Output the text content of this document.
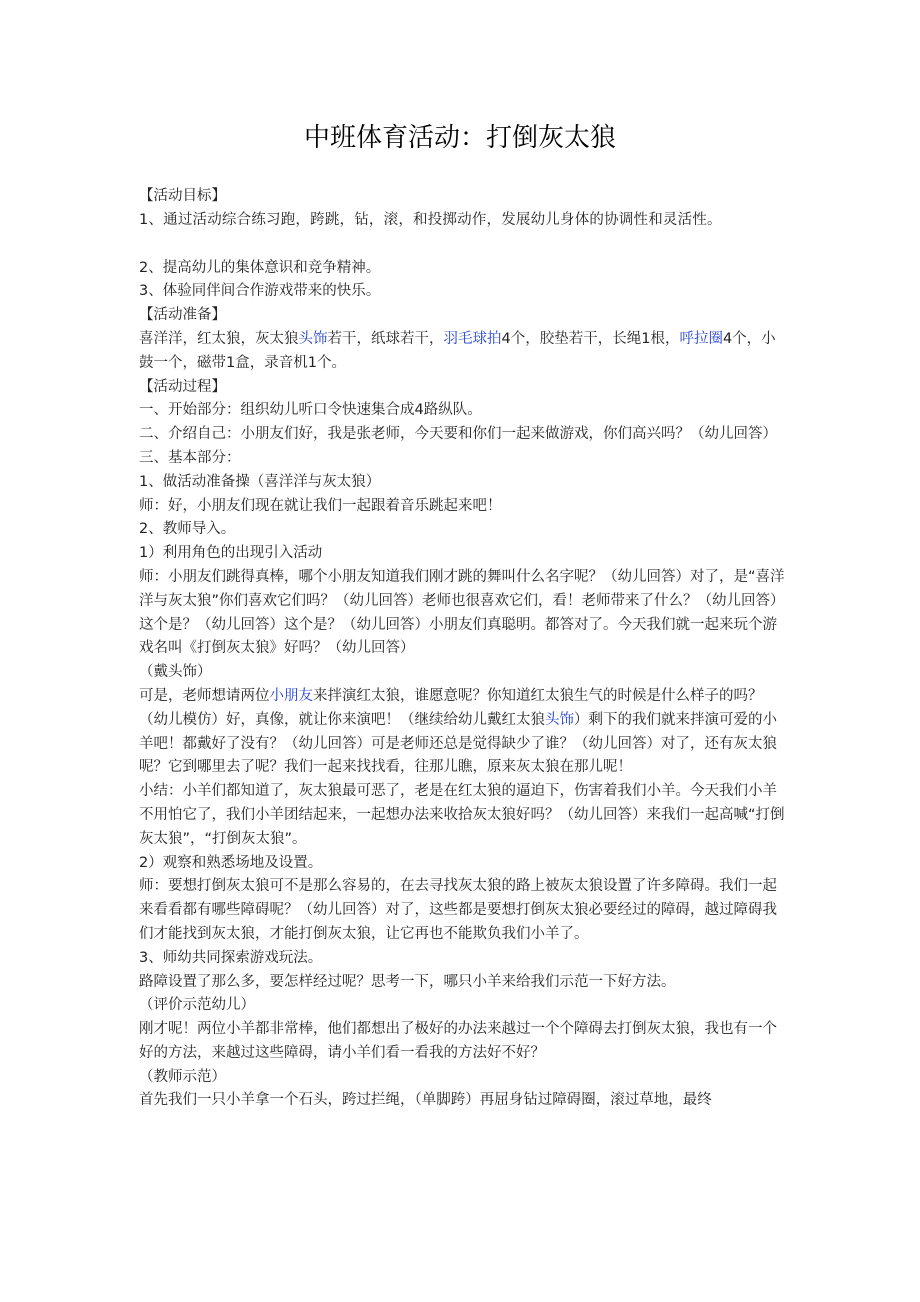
中班体育活动：打倒灰太狼

【活动目标】

1、通过活动综合练习跑，跨跳，钻，滚，和投掷动作，发展幼儿身体的协调性和灵活性。

2、提高幼儿的集体意识和竞争精神。

3、体验同伴间合作游戏带来的快乐。

【活动准备】

喜洋洋，红太狼，灰太狼头饰若干，纸球若干，羽毛球拍4个，胶垫若干，长绳1根，呼拉圈4个，小鼓一个，磁带1盒，录音机1个。

【活动过程】

一、开始部分：组织幼儿听口令快速集合成4路纵队。

二、介绍自己：小朋友们好，我是张老师，今天要和你们一起来做游戏，你们高兴吗？（幼儿回答）

三、基本部分：

1、做活动准备操（喜洋洋与灰太狼）

师：好，小朋友们现在就让我们一起跟着音乐跳起来吧！

2、教师导入。

1）利用角色的出现引入活动

师：小朋友们跳得真棒，哪个小朋友知道我们刚才跳的舞叫什么名字呢？（幼儿回答）对了，是“喜洋洋与灰太狼”你们喜欢它们吗？（幼儿回答）老师也很喜欢它们，看！老师带来了什么？（幼儿回答）这个是？（幼儿回答）这个是？（幼儿回答）小朋友们真聪明。都答对了。今天我们就一起来玩个游戏名叫《打倒灰太狼》好吗？（幼儿回答）

（戴头饰）

可是，老师想请两位小朋友来拌演红太狼，谁愿意呢？你知道红太狼生气的时候是什么样子的吗？（幼儿模仿）好，真像，就让你来演吧！（继续给幼儿戴红太狼头饰）剩下的我们就来拌演可爱的小羊吧！都戴好了没有？（幼儿回答）可是老师还总是觉得缺少了谁？（幼儿回答）对了，还有灰太狼呢？它到哪里去了呢？我们一起来找找看，往那儿瞧，原来灰太狼在那儿呢！

小结：小羊们都知道了，灰太狼最可恶了，老是在红太狼的逼迫下，伤害着我们小羊。今天我们小羊不用怕它了，我们小羊团结起来，一起想办法来收拾灰太狼好吗？（幼儿回答）来我们一起高喊“打倒灰太狼”，“打倒灰太狼”。

2）观察和熟悉场地及设置。

师：要想打倒灰太狼可不是那么容易的，在去寻找灰太狼的路上被灰太狼设置了许多障碍。我们一起来看看都有哪些障碍呢？（幼儿回答）对了，这些都是要想打倒灰太狼必要经过的障碍，越过障碍我们才能找到灰太狼，才能打倒灰太狼，让它再也不能欺负我们小羊了。

3、师幼共同探索游戏玩法。

路障设置了那么多，要怎样经过呢？思考一下，哪只小羊来给我们示范一下好方法。

（评价示范幼儿）

刚才呢！两位小羊都非常棒，他们都想出了极好的办法来越过一个个障碍去打倒灰太狼，我也有一个好的方法，来越过这些障碍，请小羊们看一看我的方法好不好？

（教师示范）

首先我们一只小羊拿一个石头，跨过拦绳，（单脚跨）再屈身钻过障碍圈，滚过草地，最终
